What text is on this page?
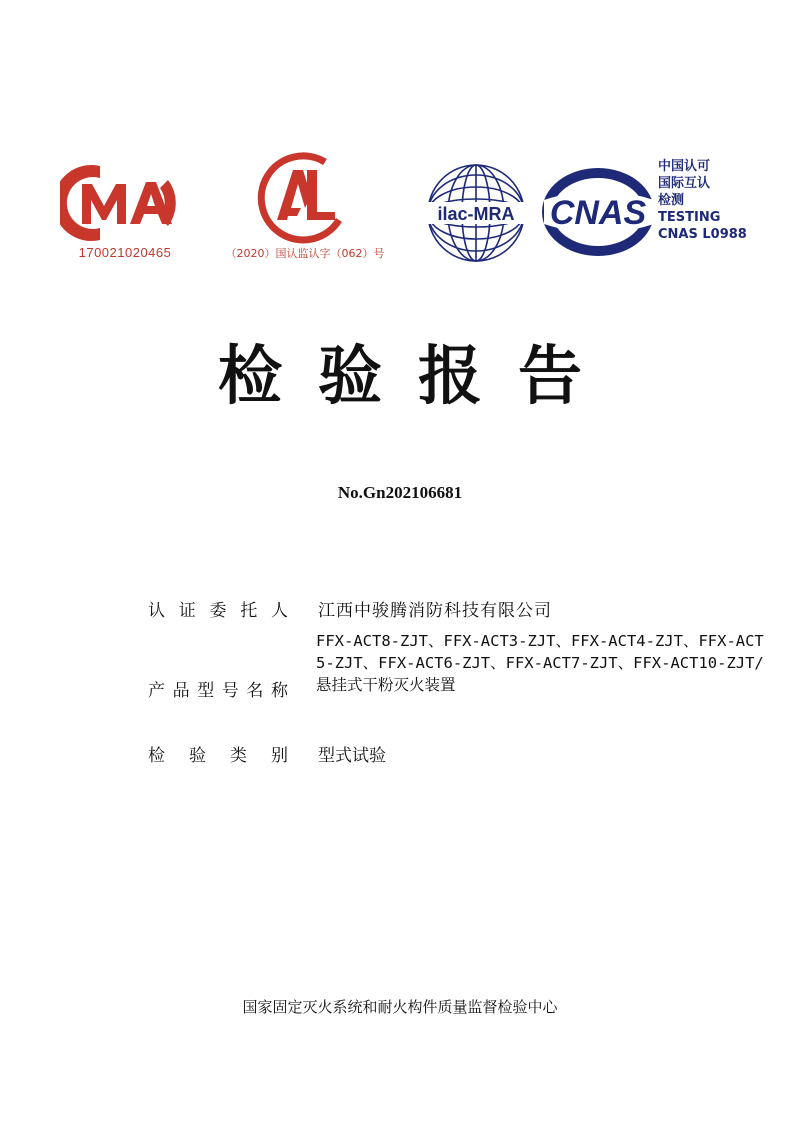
CMA
170021020465
CAL
（2020）国认监认字（062）号
ilac-MRA CNAS
中国认可
国际互认
检测
TESTING
CNAS L0988
检验报告
No.Gn202106681
认证委托人 江西中骏腾消防科技有限公司
产品型号名称
FFX-ACT8-ZJT、FFX-ACT3-ZJT、FFX-ACT4-ZJT、FFX-ACT5-ZJT、FFX-ACT6-ZJT、FFX-ACT7-ZJT、FFX-ACT10-ZJT/悬挂式干粉灭火装置
检验类别 型式试验
国家固定灭火系统和耐火构件质量监督检验中心
